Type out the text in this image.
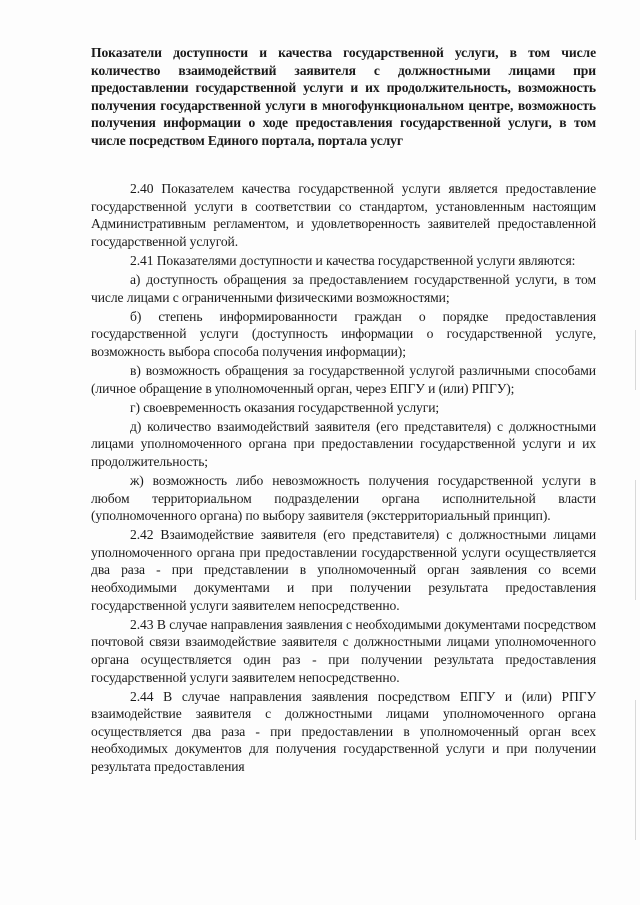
Показатели доступности и качества государственной услуги, в том числе количество взаимодействий заявителя с должностными лицами при предоставлении государственной услуги и их продолжительность, возможность получения государственной услуги в многофункциональном центре, возможность получения информации о ходе предоставления государственной услуги, в том числе посредством Единого портала, портала услуг

2.40 Показателем качества государственной услуги является предоставление государственной услуги в соответствии со стандартом, установленным настоящим Административным регламентом, и удовлетворенность заявителей предоставленной государственной услугой.

2.41 Показателями доступности и качества государственной услуги являются:

а) доступность обращения за предоставлением государственной услуги, в том числе лицами с ограниченными физическими возможностями;

б) степень информированности граждан о порядке предоставления государственной услуги (доступность информации о государственной услуге, возможность выбора способа получения информации);

в) возможность обращения за государственной услугой различными способами (личное обращение в уполномоченный орган, через ЕПГУ и (или) РПГУ);

г) своевременность оказания государственной услуги;

д) количество взаимодействий заявителя (его представителя) с должностными лицами уполномоченного органа при предоставлении государственной услуги и их продолжительность;

ж) возможность либо невозможность получения государственной услуги в любом территориальном подразделении органа исполнительной власти (уполномоченного органа) по выбору заявителя (экстерриториальный принцип).

2.42 Взаимодействие заявителя (его представителя) с должностными лицами уполномоченного органа при предоставлении государственной услуги осуществляется два раза - при представлении в уполномоченный орган заявления со всеми необходимыми документами и при получении результата предоставления государственной услуги заявителем непосредственно.

2.43 В случае направления заявления с необходимыми документами посредством почтовой связи взаимодействие заявителя с должностными лицами уполномоченного органа осуществляется один раз - при получении результата предоставления государственной услуги заявителем непосредственно.

2.44 В случае направления заявления посредством ЕПГУ и (или) РПГУ взаимодействие заявителя с должностными лицами уполномоченного органа осуществляется два раза - при предоставлении в уполномоченный орган всех необходимых документов для получения государственной услуги и при получении результата предоставления
